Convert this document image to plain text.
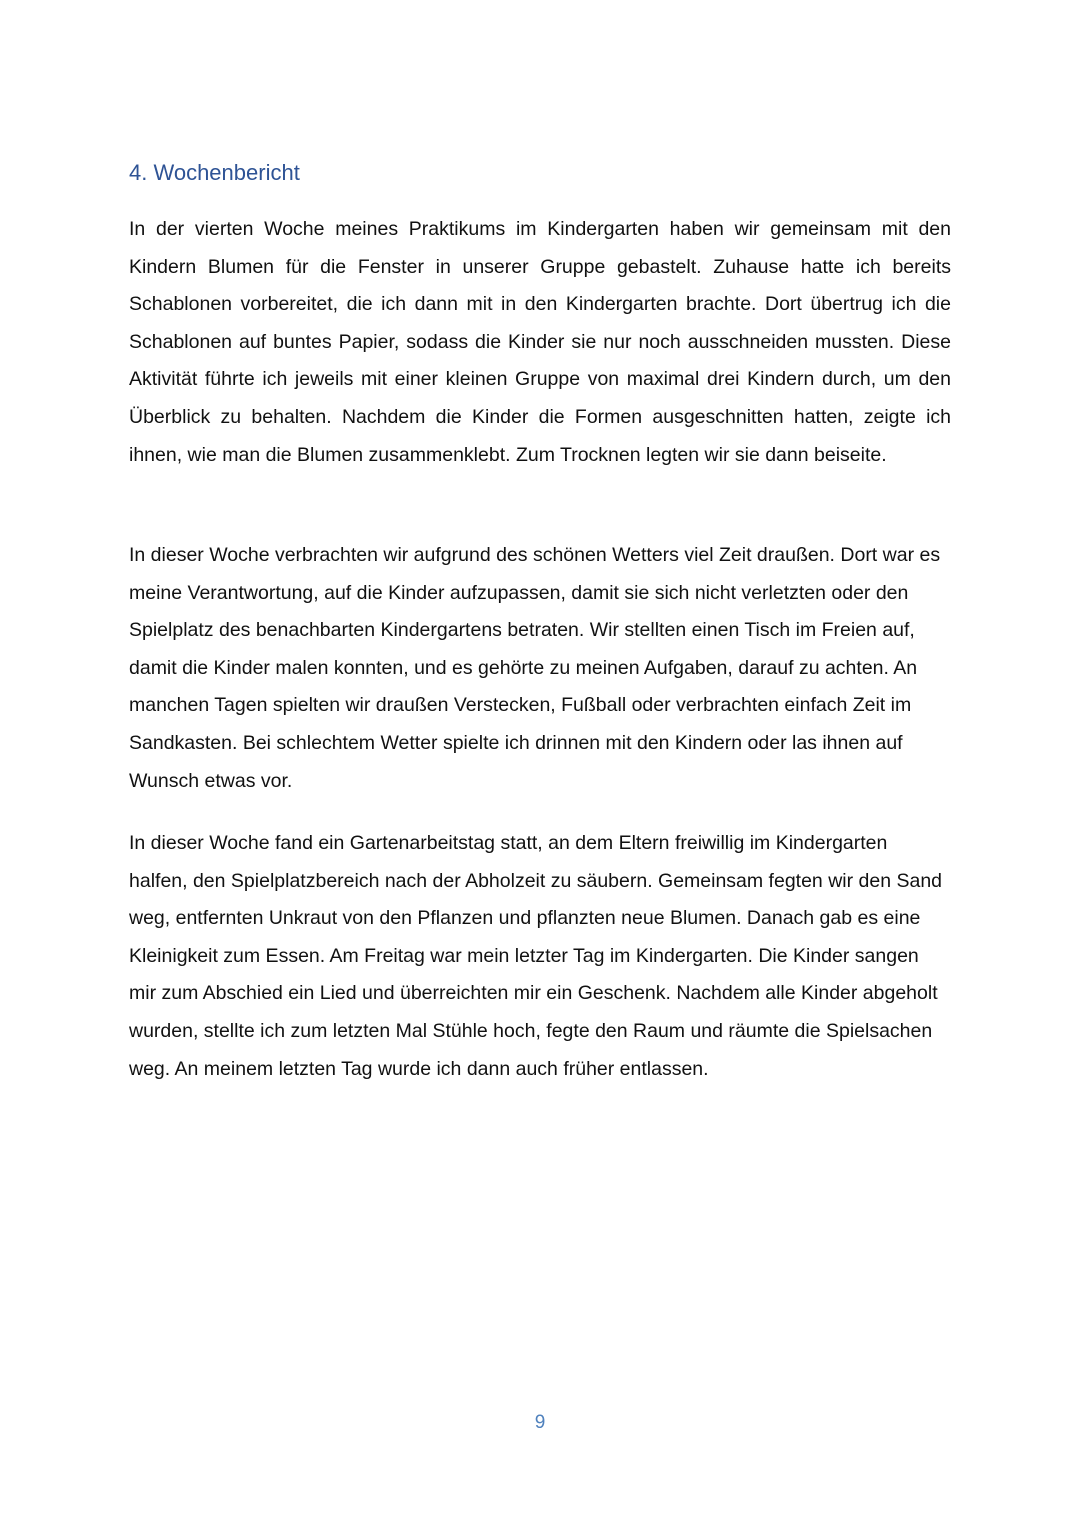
4. Wochenbericht

In der vierten Woche meines Praktikums im Kindergarten haben wir gemeinsam mit den Kindern Blumen für die Fenster in unserer Gruppe gebastelt. Zuhause hatte ich bereits Schablonen vorbereitet, die ich dann mit in den Kindergarten brachte. Dort übertrug ich die Schablonen auf buntes Papier, sodass die Kinder sie nur noch ausschneiden mussten. Diese Aktivität führte ich jeweils mit einer kleinen Gruppe von maximal drei Kindern durch, um den Überblick zu behalten. Nachdem die Kinder die Formen ausgeschnitten hatten, zeigte ich ihnen, wie man die Blumen zusammenklebt. Zum Trocknen legten wir sie dann beiseite.

In dieser Woche verbrachten wir aufgrund des schönen Wetters viel Zeit draußen. Dort war es meine Verantwortung, auf die Kinder aufzupassen, damit sie sich nicht verletzten oder den Spielplatz des benachbarten Kindergartens betraten. Wir stellten einen Tisch im Freien auf, damit die Kinder malen konnten, und es gehörte zu meinen Aufgaben, darauf zu achten. An manchen Tagen spielten wir draußen Verstecken, Fußball oder verbrachten einfach Zeit im Sandkasten. Bei schlechtem Wetter spielte ich drinnen mit den Kindern oder las ihnen auf Wunsch etwas vor.

In dieser Woche fand ein Gartenarbeitstag statt, an dem Eltern freiwillig im Kindergarten halfen, den Spielplatzbereich nach der Abholzeit zu säubern. Gemeinsam fegten wir den Sand weg, entfernten Unkraut von den Pflanzen und pflanzten neue Blumen. Danach gab es eine Kleinigkeit zum Essen. Am Freitag war mein letzter Tag im Kindergarten. Die Kinder sangen mir zum Abschied ein Lied und überreichten mir ein Geschenk. Nachdem alle Kinder abgeholt wurden, stellte ich zum letzten Mal Stühle hoch, fegte den Raum und räumte die Spielsachen weg. An meinem letzten Tag wurde ich dann auch früher entlassen.

9
